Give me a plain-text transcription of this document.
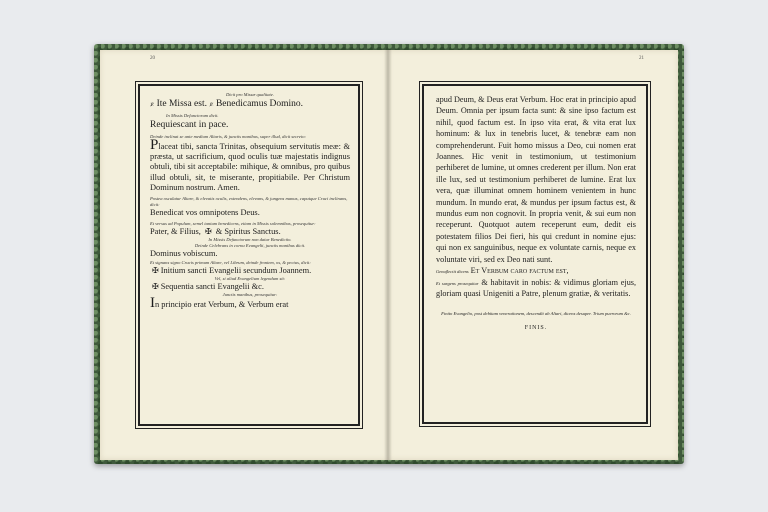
20
Dicit pro Missæ qualitate.
℣. Ite Missa est. ℣. Benedicamus Domino.
In Missis Defunctorum dicit.
Requiescant in pace.
Deinde inclinat se ante medium Altaris, & junctis manibus, super illud, dicit secreto:
Placeat tibi, sancta Trinitas, obsequium servitutis meæ: & præsta, ut sacrificium, quod oculis tuæ majestatis indignus obtuli, tibi sit acceptabile: mihique, & omnibus, pro quibus illud obtuli, sit, te miserante, propitiabile. Per Christum Dominum nostrum. Amen.
Postea osculatur Altare, & elevatis oculis, extendens, elevans, & jungens manus, caputque Cruci inclinans, dicit:
Benedicat vos omnipotens Deus.
Et versus ad Populum, semel tantum benedicens, etiam in Missis solemnibus, prosequitur:
Pater, & Filius, ✠ & Spiritus Sanctus.
In Missis Defunctorum non datur Benedictio.
Deinde Celebrans in cornu Evangelii, junctis manibus dicit.
Dominus vobiscum.
Et signans signo Crucis primum Altare, vel Librum, deinde frontem, os, & pectus, dicit:
✠ Initium sancti Evangelii secundum Joannem.
Vel, si aliud Evangelium legendum sit:
✠ Sequentia sancti Evangelii &c.
Junctis manibus, prosequitur:
In principio erat Verbum, & Verbum erat
21
apud Deum, & Deus erat Verbum. Hoc erat in principio apud Deum. Omnia per ipsum facta sunt: & sine ipso factum est nihil, quod factum est. In ipso vita erat, & vita erat lux hominum: & lux in tenebris lucet, & tenebræ eam non comprehenderunt. Fuit homo missus a Deo, cui nomen erat Joannes. Hic venit in testimonium, ut testimonium perhiberet de lumine, ut omnes crederent per illum. Non erat ille lux, sed ut testimonium perhiberet de lumine. Erat lux vera, quæ illuminat omnem hominem venientem in hunc mundum. In mundo erat, & mundus per ipsum factus est, & mundus eum non cognovit. In propria venit, & sui eum non receperunt. Quotquot autem receperunt eum, dedit eis potestatem filios Dei fieri, his qui credunt in nomine ejus: qui non ex sanguinibus, neque ex voluntate carnis, neque ex voluntate viri, sed ex Deo nati sunt.
Genuflectit dicens Et Verbum caro factum est,
Et surgens prosequitur & habitavit in nobis: & vidimus gloriam ejus, gloriam quasi Unigeniti a Patre, plenum gratiæ, & veritatis.
Finito Evangelio, post debitam venerationem, descendit ab Altari, dicens desuper. Trium puerorum &c.
FINIS.
